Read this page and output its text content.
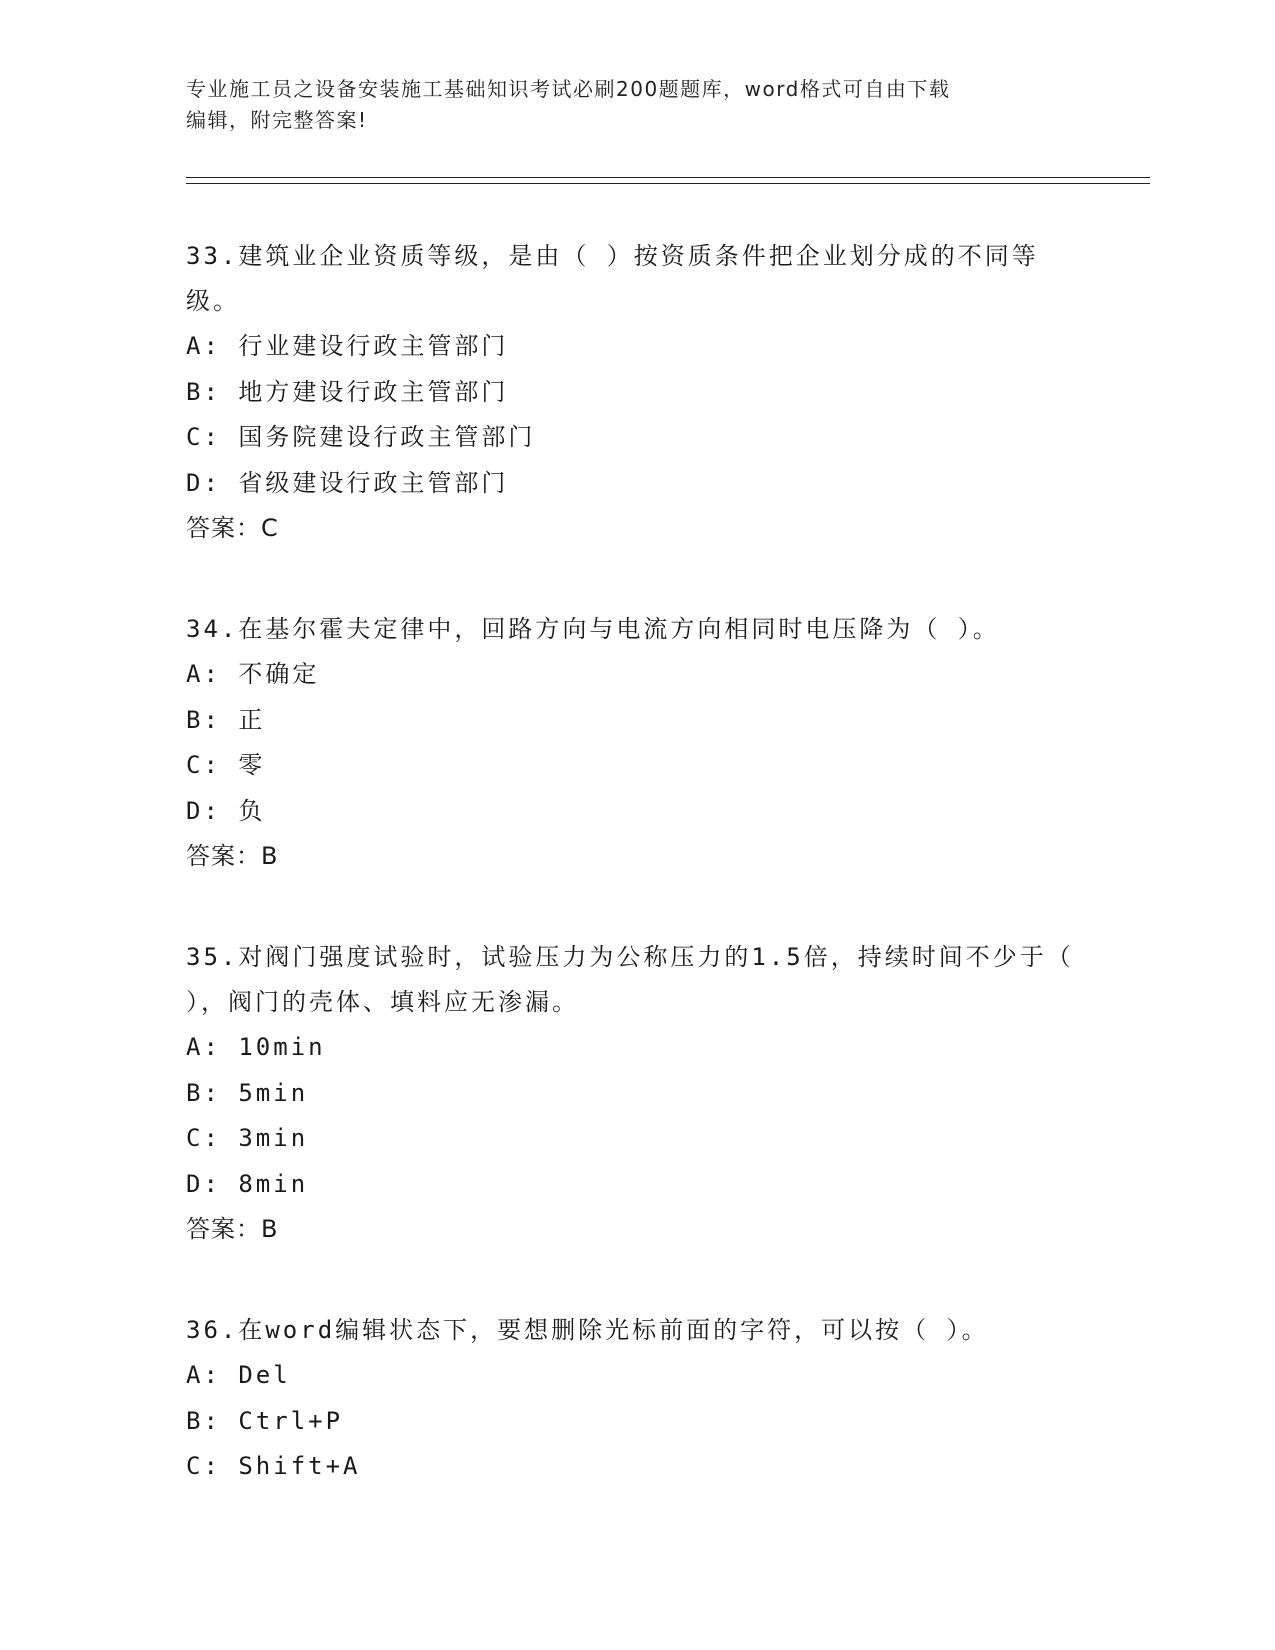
专业施工员之设备安装施工基础知识考试必刷200题题库，word格式可自由下载
编辑，附完整答案!

33.建筑业企业资质等级，是由（ ）按资质条件把企业划分成的不同等级。

A: 行业建设行政主管部门

B: 地方建设行政主管部门

C: 国务院建设行政主管部门

D: 省级建设行政主管部门

答案：C

34.在基尔霍夫定律中，回路方向与电流方向相同时电压降为（ ）。

A: 不确定

B: 正

C: 零

D: 负

答案：B

35.对阀门强度试验时，试验压力为公称压力的1.5倍，持续时间不少于（ ），阀门的壳体、填料应无渗漏。

A: 10min

B: 5min

C: 3min

D: 8min

答案：B

36.在word编辑状态下，要想删除光标前面的字符，可以按（ ）。

A: Del

B: Ctrl+P

C: Shift+A
